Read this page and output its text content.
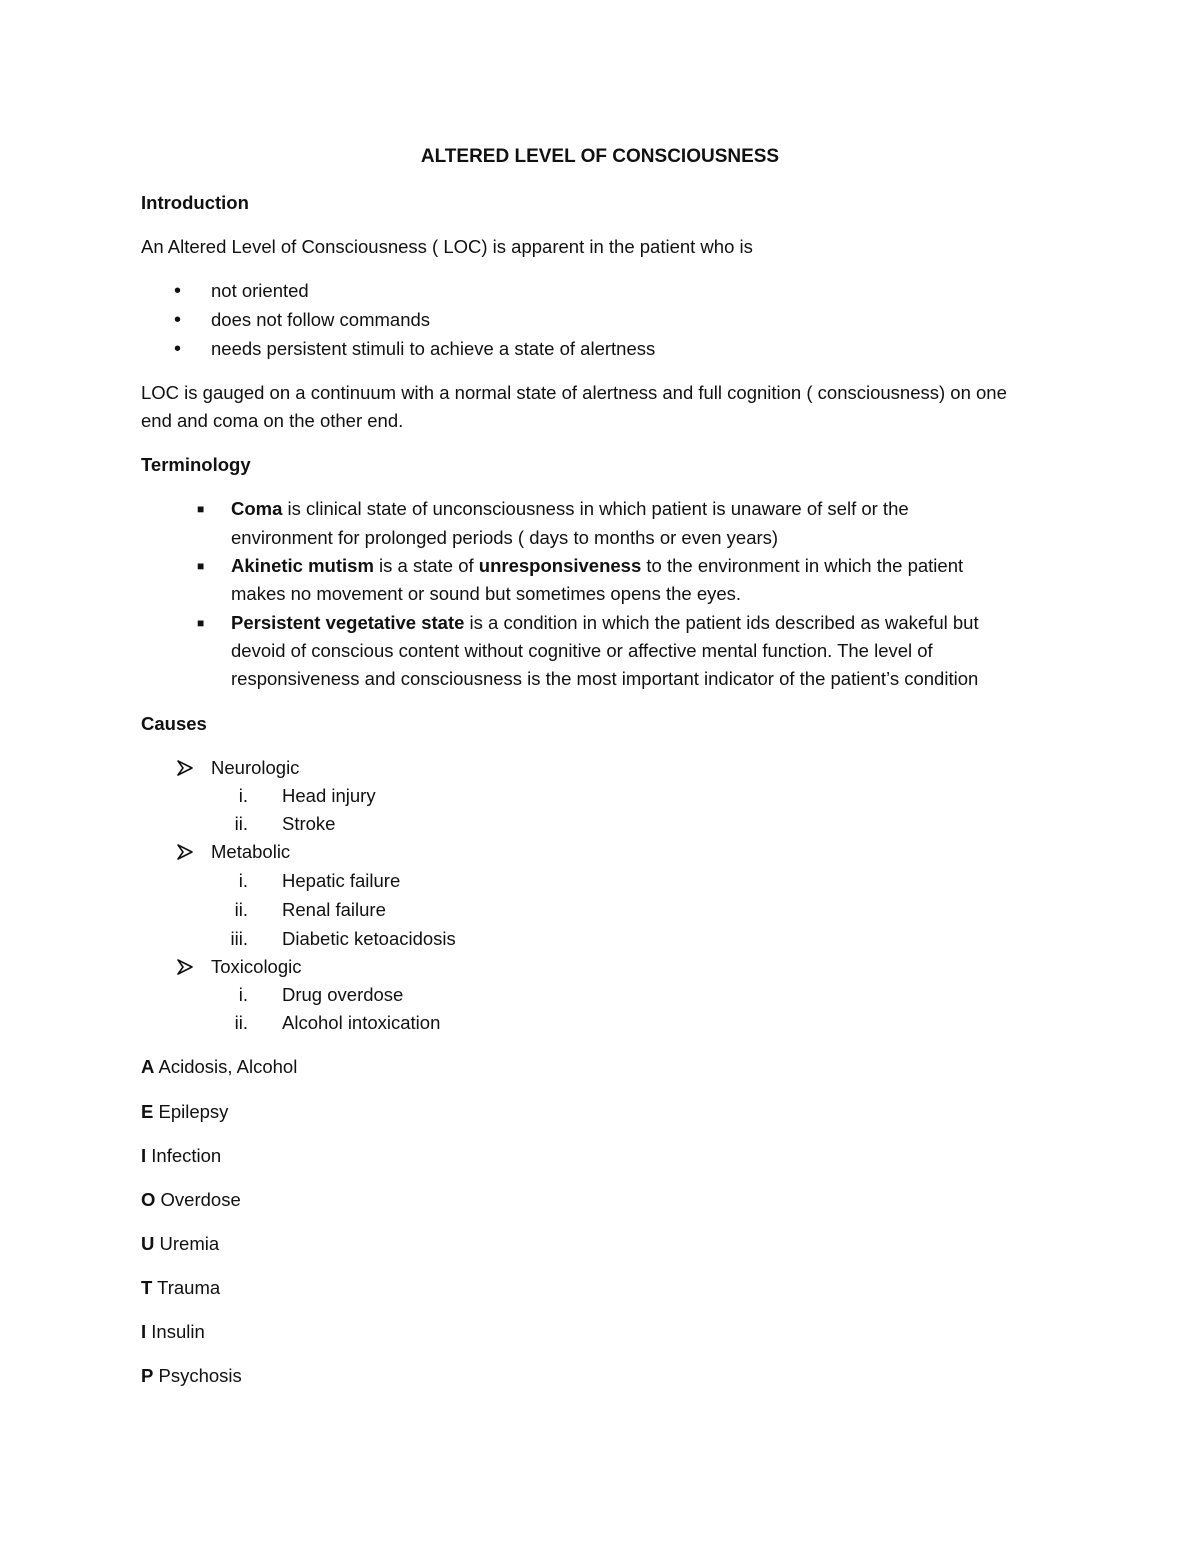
ALTERED LEVEL OF CONSCIOUSNESS
Introduction
An Altered Level of Consciousness ( LOC) is apparent in the patient who is
• not oriented
• does not follow commands
• needs persistent stimuli to achieve a state of alertness
LOC is gauged on a continuum with a normal state of alertness and full cognition ( consciousness) on one
end and coma on the other end.
Terminology
■ Coma is clinical state of unconsciousness in which patient is unaware of self or the
environment for prolonged periods ( days to months or even years)
■ Akinetic mutism is a state of unresponsiveness to the environment in which the patient
makes no movement or sound but sometimes opens the eyes.
■ Persistent vegetative state is a condition in which the patient ids described as wakeful but
devoid of conscious content without cognitive or affective mental function. The level of
responsiveness and consciousness is the most important indicator of the patient’s condition
Causes
Neurologic
i. Head injury
ii. Stroke
Metabolic
i. Hepatic failure
ii. Renal failure
iii. Diabetic ketoacidosis
Toxicologic
i. Drug overdose
ii. Alcohol intoxication
A Acidosis, Alcohol
E Epilepsy
I Infection
O Overdose
U Uremia
T Trauma
I Insulin
P Psychosis
